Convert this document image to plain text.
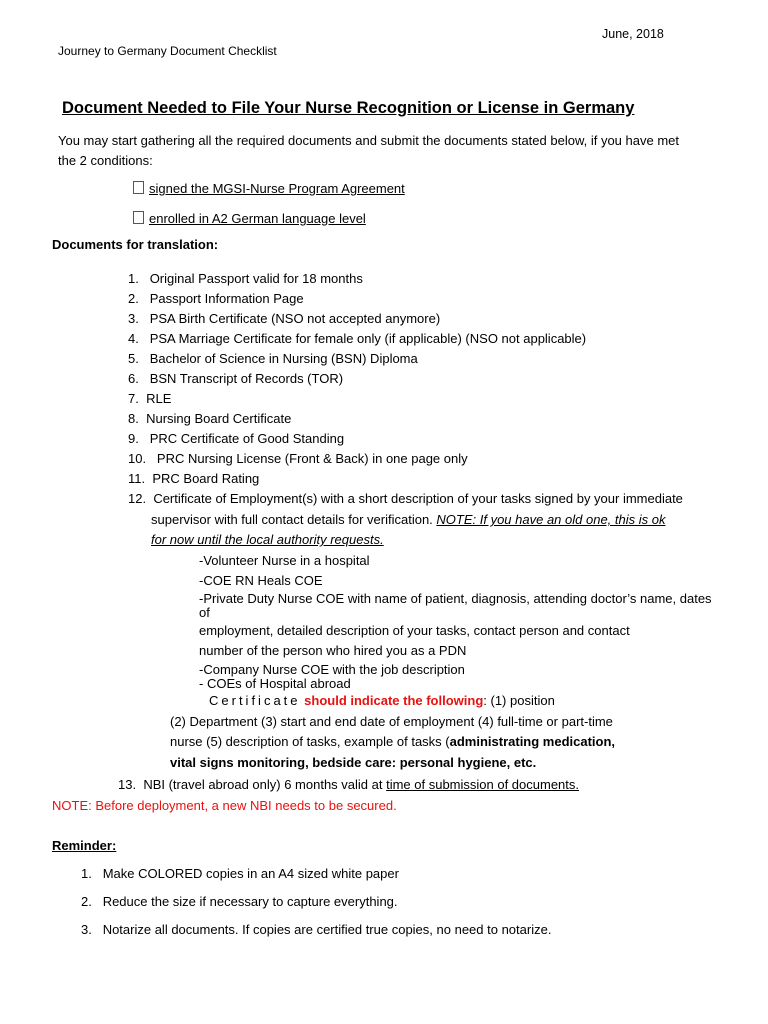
June, 2018
Journey to Germany Document Checklist
Document Needed to File Your Nurse Recognition or License in Germany
You may start gathering all the required documents and submit the documents stated below, if you have met the 2 conditions:
signed the MGSI-Nurse Program Agreement
enrolled in A2 German language level
Documents for translation:
1. Original Passport valid for 18 months
2. Passport Information Page
3. PSA Birth Certificate (NSO not accepted anymore)
4. PSA Marriage Certificate for female only (if applicable) (NSO not applicable)
5. Bachelor of Science in Nursing (BSN) Diploma
6. BSN Transcript of Records (TOR)
7. RLE
8. Nursing Board Certificate
9. PRC Certificate of Good Standing
10. PRC Nursing License (Front & Back) in one page only
11. PRC Board Rating
12. Certificate of Employment(s) with a short description of your tasks signed by your immediate
supervisor with full contact details for verification. NOTE: If you have an old one, this is ok
for now until the local authority requests.
-Volunteer Nurse in a hospital
-COE RN Heals COE
-Private Duty Nurse COE with name of patient, diagnosis, attending doctor’s name, dates of
employment, detailed description of your tasks, contact person and contact
number of the person who hired you as a PDN
-Company Nurse COE with the job description
- COEs of Hospital abroad
Certificate should indicate the following: (1) position
(2) Department (3) start and end date of employment (4) full-time or part-time
nurse (5) description of tasks, example of tasks (administrating medication,
vital signs monitoring, bedside care: personal hygiene, etc.
13. NBI (travel abroad only) 6 months valid at time of submission of documents.
NOTE: Before deployment, a new NBI needs to be secured.
Reminder:
1. Make COLORED copies in an A4 sized white paper
2. Reduce the size if necessary to capture everything.
3. Notarize all documents. If copies are certified true copies, no need to notarize.
